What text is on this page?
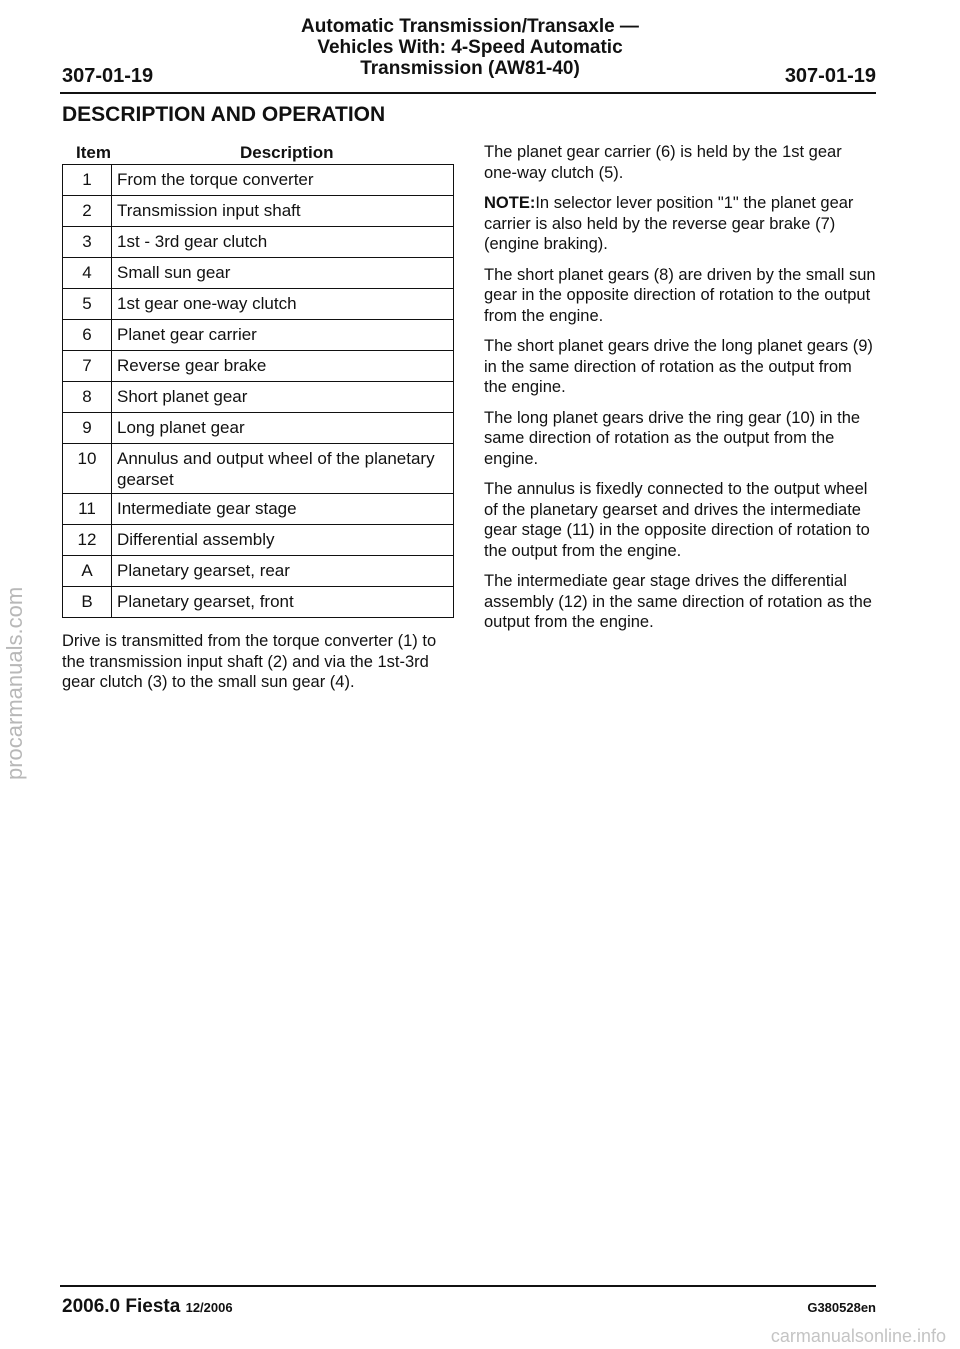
Automatic Transmission/Transaxle —
Vehicles With: 4-Speed Automatic
Transmission (AW81-40)
307-01-19	307-01-19
DESCRIPTION AND OPERATION
Item	Description
1	From the torque converter
2	Transmission input shaft
3	1st - 3rd gear clutch
4	Small sun gear
5	1st gear one-way clutch
6	Planet gear carrier
7	Reverse gear brake
8	Short planet gear
9	Long planet gear
10	Annulus and output wheel of the planetary gearset
11	Intermediate gear stage
12	Differential assembly
A	Planetary gearset, rear
B	Planetary gearset, front
Drive is transmitted from the torque converter (1) to the transmission input shaft (2) and via the 1st-3rd gear clutch (3) to the small sun gear (4).

The planet gear carrier (6) is held by the 1st gear one-way clutch (5).

NOTE:In selector lever position "1" the planet gear carrier is also held by the reverse gear brake (7) (engine braking).

The short planet gears (8) are driven by the small sun gear in the opposite direction of rotation to the output from the engine.

The short planet gears drive the long planet gears (9) in the same direction of rotation as the output from the engine.

The long planet gears drive the ring gear (10) in the same direction of rotation as the output from the engine.

The annulus is fixedly connected to the output wheel of the planetary gearset and drives the intermediate gear stage (11) in the opposite direction of rotation to the output from the engine.

The intermediate gear stage drives the differential assembly (12) in the same direction of rotation as the output from the engine.

procarmanuals.com
2006.0 Fiesta 12/2006	G380528en
carmanualsonline.info
